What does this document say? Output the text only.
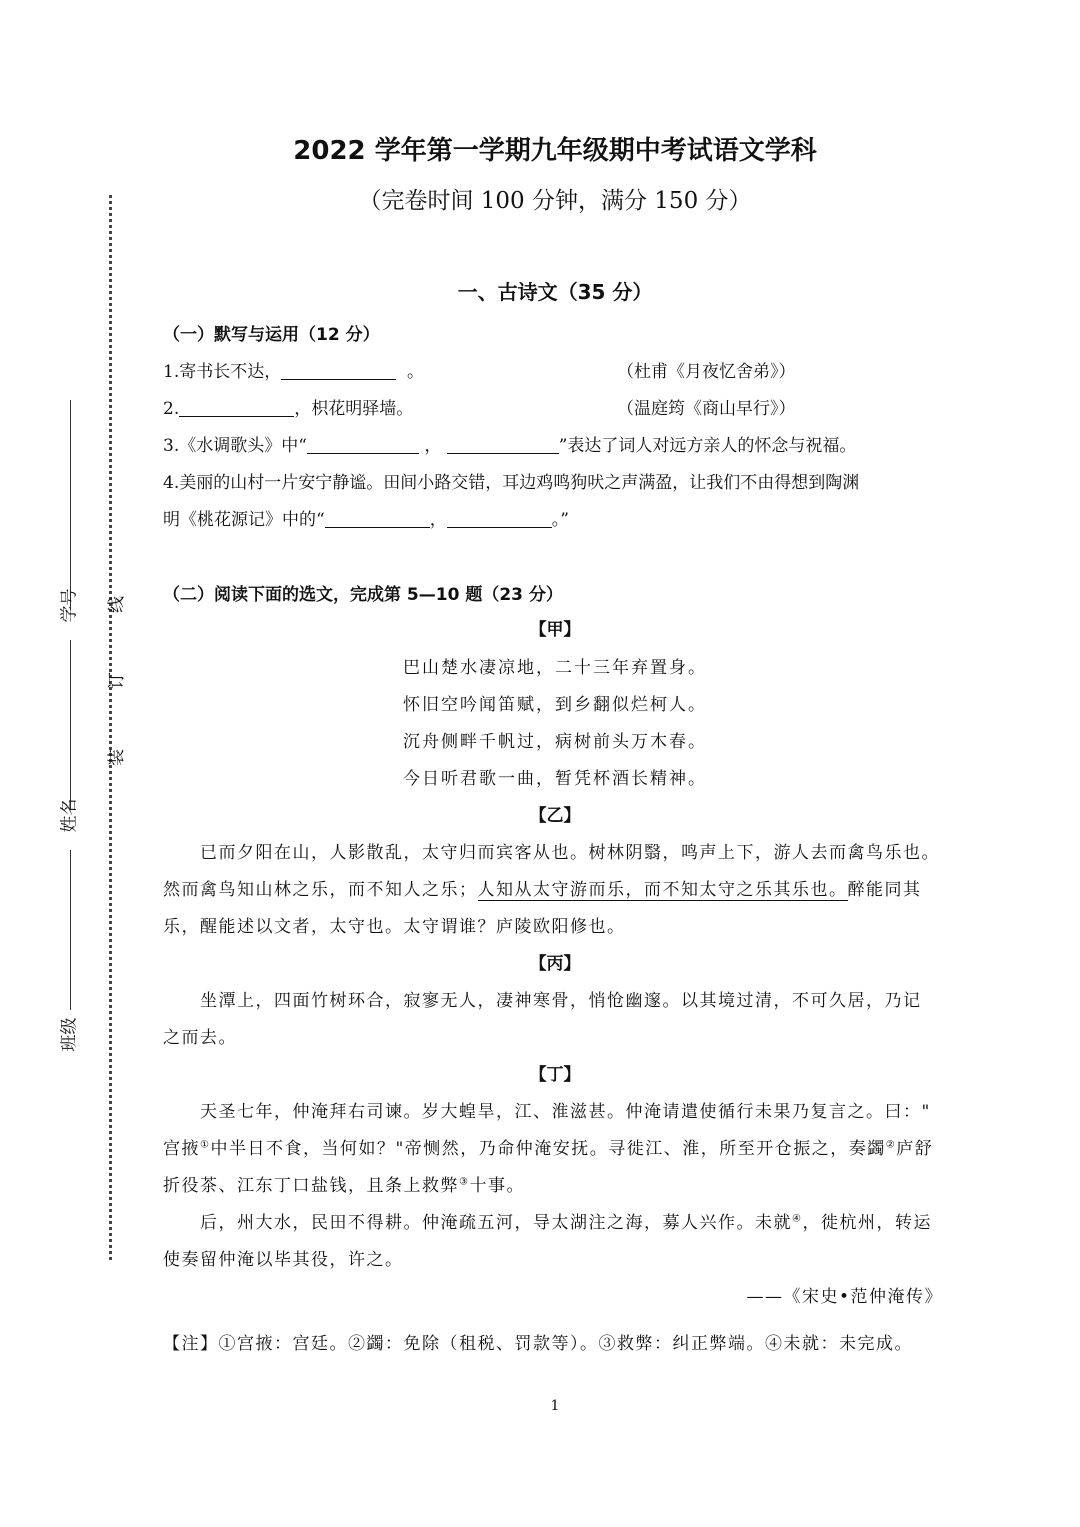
学号
姓名
班级
线
订
装
2022 学年第一学期九年级期中考试语文学科
（完卷时间 100 分钟，满分 150 分）
一、古诗文（35 分）
（一）默写与运用（12 分）
1.寄书长不达，	。	（杜甫《月夜忆舍弟》）
2.	，枳花明驿墙。	（温庭筠《商山早行》）
3.《水调歌头》中“	，	”表达了词人对远方亲人的怀念与祝福。
4.美丽的山村一片安宁静谧。田间小路交错，耳边鸡鸣狗吠之声满盈，让我们不由得想到陶渊
明《桃花源记》中的“	，	。”
（二）阅读下面的选文，完成第 5—10 题（23 分）
【甲】
巴山楚水凄凉地，二十三年弃置身。
怀旧空吟闻笛赋，到乡翻似烂柯人。
沉舟侧畔千帆过，病树前头万木春。
今日听君歌一曲，暂凭杯酒长精神。
【乙】
已而夕阳在山，人影散乱，太守归而宾客从也。树林阴翳，鸣声上下，游人去而禽鸟乐也。
然而禽鸟知山林之乐，而不知人之乐；人知从太守游而乐，而不知太守之乐其乐也。醉能同其
乐，醒能述以文者，太守也。太守谓谁？庐陵欧阳修也。
【丙】
坐潭上，四面竹树环合，寂寥无人，凄神寒骨，悄怆幽邃。以其境过清，不可久居，乃记
之而去。
【丁】
天圣七年，仲淹拜右司谏。岁大蝗旱，江、淮滋甚。仲淹请遣使循行未果乃复言之。曰："
宫掖①中半日不食，当何如？"帝恻然，乃命仲淹安抚。寻徙江、淮，所至开仓振之，奏蠲②庐舒
折役茶、江东丁口盐钱，且条上救弊③十事。
后，州大水，民田不得耕。仲淹疏五河，导太湖注之海，募人兴作。未就④，徙杭州，转运
使奏留仲淹以毕其役，许之。
——《宋史•范仲淹传》
【注】①宫掖：宫廷。②蠲：免除（租税、罚款等）。③救弊：纠正弊端。④未就：未完成。
1
